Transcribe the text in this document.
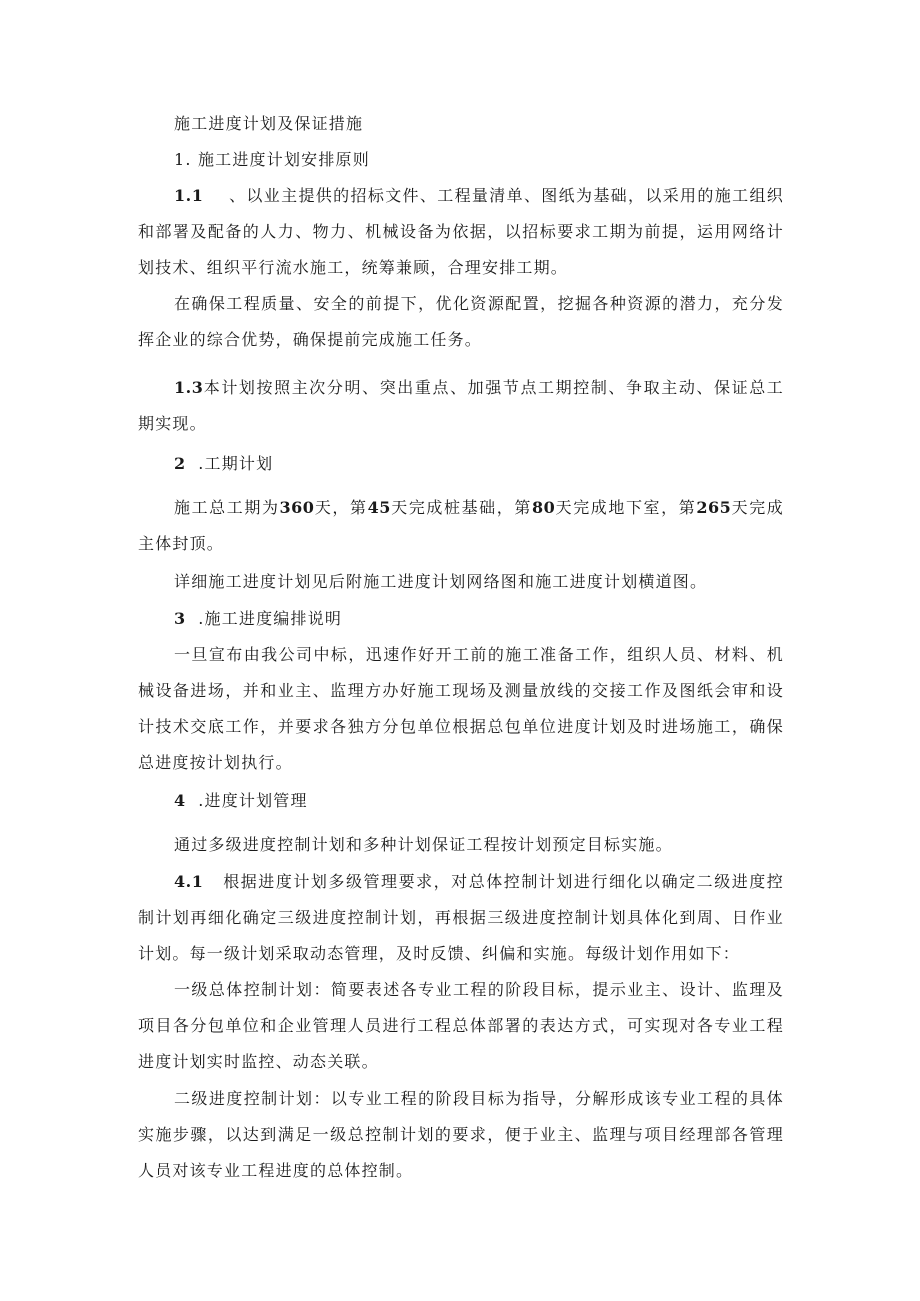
施工进度计划及保证措施

1. 施工进度计划安排原则

1.1 、以业主提供的招标文件、工程量清单、图纸为基础，以采用的施工组织和部署及配备的人力、物力、机械设备为依据，以招标要求工期为前提，运用网络计划技术、组织平行流水施工，统筹兼顾，合理安排工期。

在确保工程质量、安全的前提下，优化资源配置，挖掘各种资源的潜力，充分发挥企业的综合优势，确保提前完成施工任务。

1.3本计划按照主次分明、突出重点、加强节点工期控制、争取主动、保证总工期实现。

2 .工期计划

施工总工期为360天，第45天完成桩基础，第80天完成地下室，第265天完成主体封顶。

详细施工进度计划见后附施工进度计划网络图和施工进度计划横道图。

3 .施工进度编排说明

一旦宣布由我公司中标，迅速作好开工前的施工准备工作，组织人员、材料、机械设备进场，并和业主、监理方办好施工现场及测量放线的交接工作及图纸会审和设计技术交底工作，并要求各独方分包单位根据总包单位进度计划及时进场施工，确保总进度按计划执行。

4 .进度计划管理

通过多级进度控制计划和多种计划保证工程按计划预定目标实施。

4.1 根据进度计划多级管理要求，对总体控制计划进行细化以确定二级进度控制计划再细化确定三级进度控制计划，再根据三级进度控制计划具体化到周、日作业计划。每一级计划采取动态管理，及时反馈、纠偏和实施。每级计划作用如下：

一级总体控制计划：简要表述各专业工程的阶段目标，提示业主、设计、监理及项目各分包单位和企业管理人员进行工程总体部署的表达方式，可实现对各专业工程进度计划实时监控、动态关联。

二级进度控制计划：以专业工程的阶段目标为指导，分解形成该专业工程的具体实施步骤，以达到满足一级总控制计划的要求，便于业主、监理与项目经理部各管理人员对该专业工程进度的总体控制。
